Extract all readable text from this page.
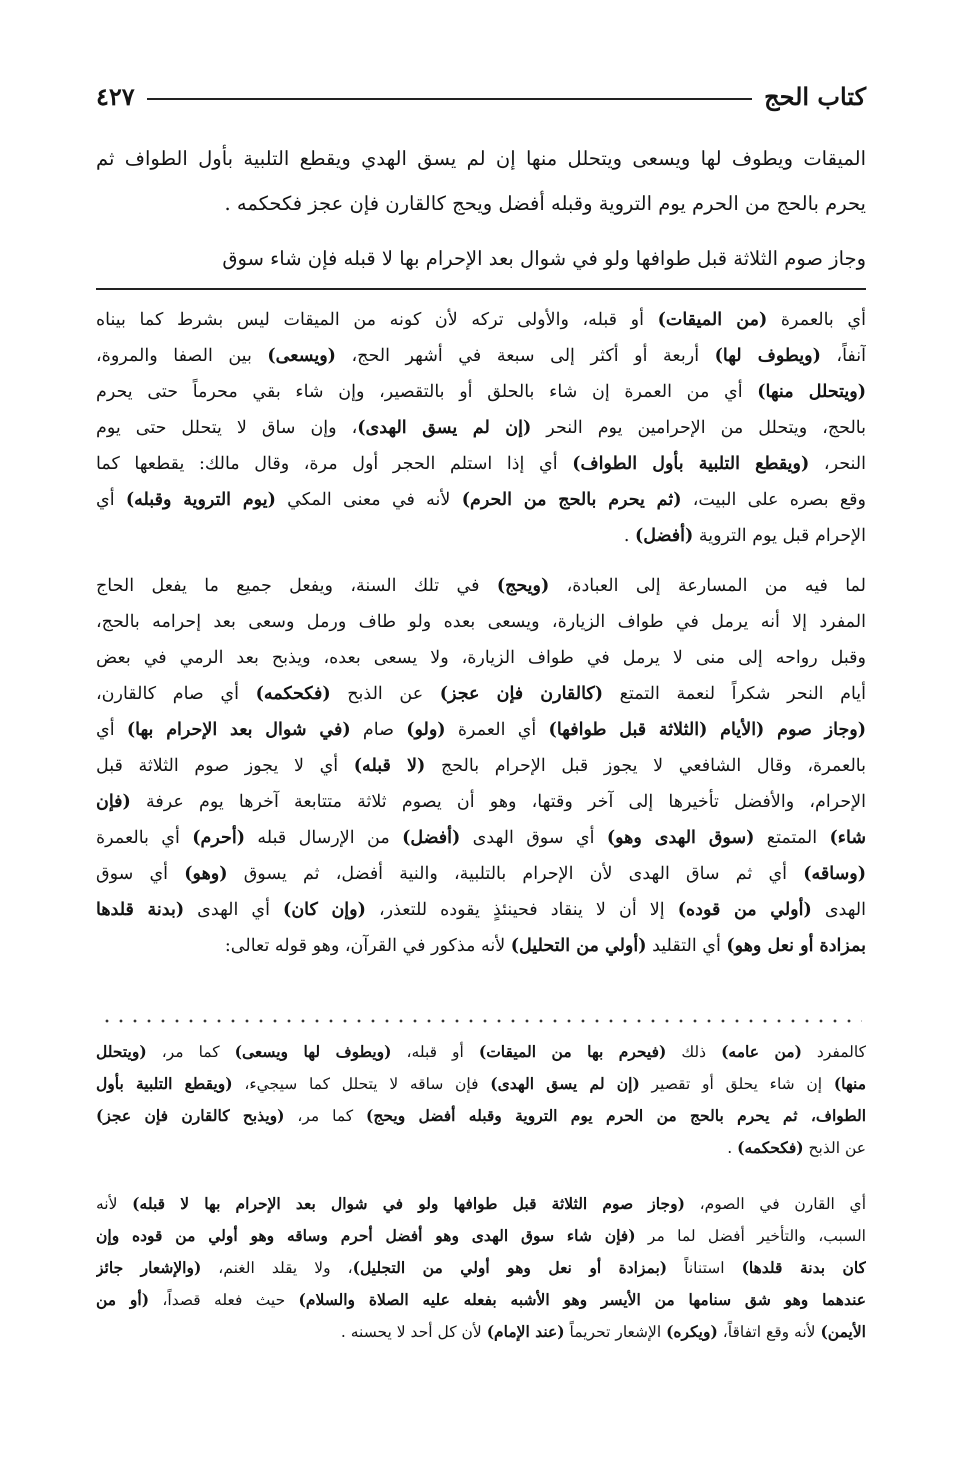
كتاب الحج
٤٢٧
الميقات ويطوف لها ويسعى ويتحلل منها إن لم يسق الهدي ويقطع التلبية بأول الطواف ثم
يحرم بالحج من الحرم يوم التروية وقبله أفضل ويحج كالقارن فإن عجز فكحكمه .
وجاز صوم الثلاثة قبل طوافها ولو في شوال بعد الإحرام بها لا قبله فإن شاء سوق
أي بالعمرة (من الميقات) أو قبله، والأولى تركه لأن كونه من الميقات ليس بشرط كما بيناه
آنفاً، (ويطوف لها) أربعة أو أكثر إلى سبعة في أشهر الحج، (ويسعى) بين الصفا والمروة،
(ويتحلل منها) أي من العمرة إن شاء بالحلق أو بالتقصير، وإن شاء بقي محرماً حتى يحرم
بالحج، ويتحلل من الإحرامين يوم النحر (إن لم يسق الهدى)، وإن ساق لا يتحلل حتى يوم
النحر، (ويقطع التلبية بأول الطواف) أي إذا استلم الحجر أول مرة، وقال مالك: يقطعها كما
وقع بصره على البيت، (ثم يحرم بالحج من الحرم) لأنه في معنى المكي (يوم التروية وقبله) أي
الإحرام قبل يوم التروية (أفضل) .
لما فيه من المسارعة إلى العبادة، (ويحج) في تلك السنة، ويفعل جميع ما يفعل الحاج
المفرد إلا أنه يرمل في طواف الزيارة، ويسعى بعده ولو طاف ورمل وسعى بعد إحرامه بالحج،
وقبل رواحه إلى منى لا يرمل في طواف الزيارة، ولا يسعى بعده، ويذبح بعد الرمي في بعض
أيام النحر شكراً لنعمة التمتع (كالقارن فإن عجز) عن الذبح (فكحكمه) أي صام كالقارن،
(وجاز صوم (الأيام (الثلاثة قبل طوافها) أي العمرة (ولو) صام (في شوال بعد الإحرام بها) أي
بالعمرة، وقال الشافعي لا يجوز قبل الإحرام بالحج (لا قبله) أي لا يجوز صوم الثلاثة قبل
الإحرام، والأفضل تأخيرها إلى آخر وقتها، وهو أن يصوم ثلاثة متتابعة آخرها يوم عرفة (فإن
شاء) المتمتع (سوق الهدى وهو) أي سوق الهدى (أفضل) من الإرسال قبله (أحرم) أي بالعمرة
(وساقه) أي ثم ساق الهدى لأن الإحرام بالتلبية، والنية أفضل، ثم يسوق (وهو) أي سوق
الهدى (أولي من قوده) إلا أن لا ينقاد فحينئذٍ يقوده للتعذر، (وإن كان) أي الهدى (بدنة قلدها
بمزادة أو نعل وهو) أي التقليد (أولي من التحليل) لأنه مذكور في القرآن، وهو قوله تعالى:
كالمفرد (من عامه) ذلك (فيحرم بها من الميقات) أو قبله، (ويطوف لها ويسعى) كما مر، (ويتحلل
منها) إن شاء يحلق أو تقصير (إن لم يسق الهدى) فإن ساقه لا يتحلل كما سيجيء، (ويقطع التلبية بأول
الطواف، ثم يحرم بالحج من الحرم يوم التروية وقبله أفضل ويحج) كما مر، (ويذبح كالقارن فإن عجز)
عن الذبح (فكحكمه) .
أي القارن في الصوم، (وجاز صوم الثلاثة قبل طوافها ولو في شوال بعد الإحرام بها لا قبله) لأنه
السبب، والتأخير أفضل لما مر (فإن شاء سوق الهدى وهو أفضل أحرم وساقه وهو أولي من قوده وإن
كان بدنة قلدها) استناناً (بمزادة أو نعل وهو أولي من التجليل)، ولا يقلد الغنم، (والإشعار جائز
عندهما وهو شق سنامها من الأيسر وهو الأشبه بفعله عليه الصلاة والسلام) حيث فعله قصداً، (أو من
الأيمن) لأنه وقع اتفاقاً، (ويكره) الإشعار تحريماً (عند الإمام) لأن كل أحد لا يحسنه .
